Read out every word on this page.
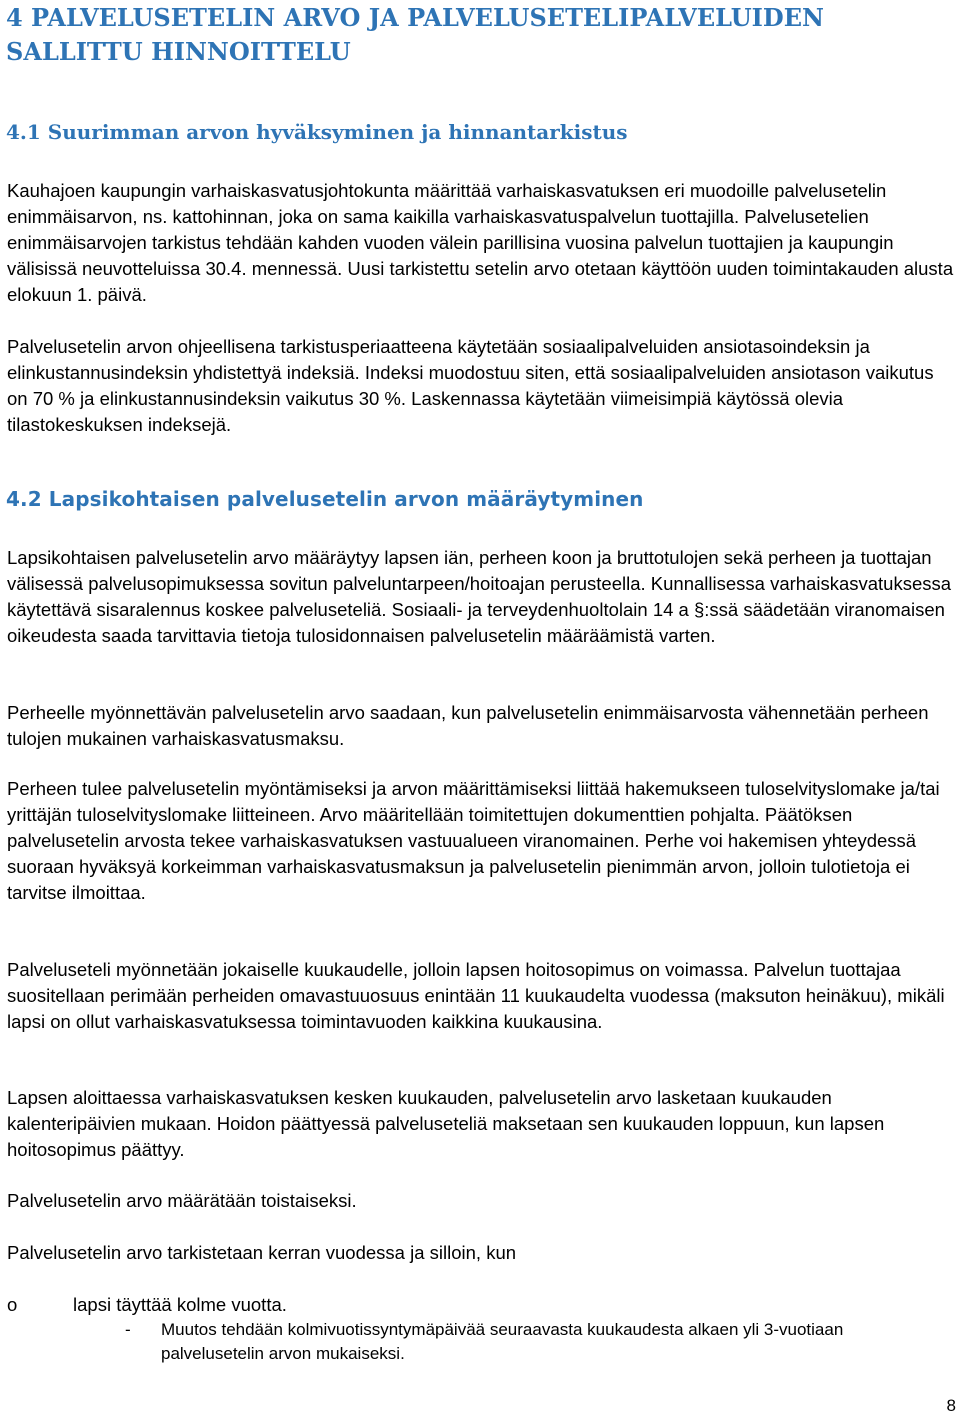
4 PALVELUSETELIN ARVO JA PALVELUSETELIPALVELUIDEN SALLITTU HINNOITTELU
4.1 Suurimman arvon hyväksyminen ja hinnantarkistus

Kauhajoen kaupungin varhaiskasvatusjohtokunta määrittää varhaiskasvatuksen eri muodoille palvelusetelin enimmäisarvon, ns. kattohinnan, joka on sama kaikilla varhaiskasvatuspalvelun tuottajilla. Palvelusetelien enimmäisarvojen tarkistus tehdään kahden vuoden välein parillisina vuosina palvelun tuottajien ja kaupungin välisissä neuvotteluissa 30.4. mennessä. Uusi tarkistettu setelin arvo otetaan käyttöön uuden toimintakauden alusta elokuun 1. päivä.

Palvelusetelin arvon ohjeellisena tarkistusperiaatteena käytetään sosiaalipalveluiden ansiotasoindeksin ja elinkustannusindeksin yhdistettyä indeksiä. Indeksi muodostuu siten, että sosiaalipalveluiden ansiotason vaikutus on 70 % ja elinkustannusindeksin vaikutus 30 %. Laskennassa käytetään viimeisimpiä käytössä olevia tilastokeskuksen indeksejä.

4.2 Lapsikohtaisen palvelusetelin arvon määräytyminen

Lapsikohtaisen palvelusetelin arvo määräytyy lapsen iän, perheen koon ja bruttotulojen sekä perheen ja tuottajan välisessä palvelusopimuksessa sovitun palveluntarpeen/hoitoajan perusteella. Kunnallisessa varhaiskasvatuksessa käytettävä sisaralennus koskee palveluseteliä. Sosiaali- ja terveydenhuoltolain 14 a §:ssä säädetään viranomaisen oikeudesta saada tarvittavia tietoja tulosidonnaisen palvelusetelin määräämistä varten.

Perheelle myönnettävän palvelusetelin arvo saadaan, kun palvelusetelin enimmäisarvosta vähennetään perheen tulojen mukainen varhaiskasvatusmaksu.

Perheen tulee palvelusetelin myöntämiseksi ja arvon määrittämiseksi liittää hakemukseen tuloselvityslomake ja/tai yrittäjän tuloselvityslomake liitteineen. Arvo määritellään toimitettujen dokumenttien pohjalta. Päätöksen palvelusetelin arvosta tekee varhaiskasvatuksen vastuualueen viranomainen. Perhe voi hakemisen yhteydessä suoraan hyväksyä korkeimman varhaiskasvatusmaksun ja palvelusetelin pienimmän arvon, jolloin tulotietoja ei tarvitse ilmoittaa.

Palveluseteli myönnetään jokaiselle kuukaudelle, jolloin lapsen hoitosopimus on voimassa. Palvelun tuottajaa suositellaan perimään perheiden omavastuuosuus enintään 11 kuukaudelta vuodessa (maksuton heinäkuu), mikäli lapsi on ollut varhaiskasvatuksessa toimintavuoden kaikkina kuukausina.

Lapsen aloittaessa varhaiskasvatuksen kesken kuukauden, palvelusetelin arvo lasketaan kuukauden kalenteripäivien mukaan. Hoidon päättyessä palveluseteliä maksetaan sen kuukauden loppuun, kun lapsen hoitosopimus päättyy.

Palvelusetelin arvo määrätään toistaiseksi.

Palvelusetelin arvo tarkistetaan kerran vuodessa ja silloin, kun

o	lapsi täyttää kolme vuotta.
- Muutos tehdään kolmivuotissyntymäpäivää seuraavasta kuukaudesta alkaen yli 3-vuotiaan palvelusetelin arvon mukaiseksi.
8
